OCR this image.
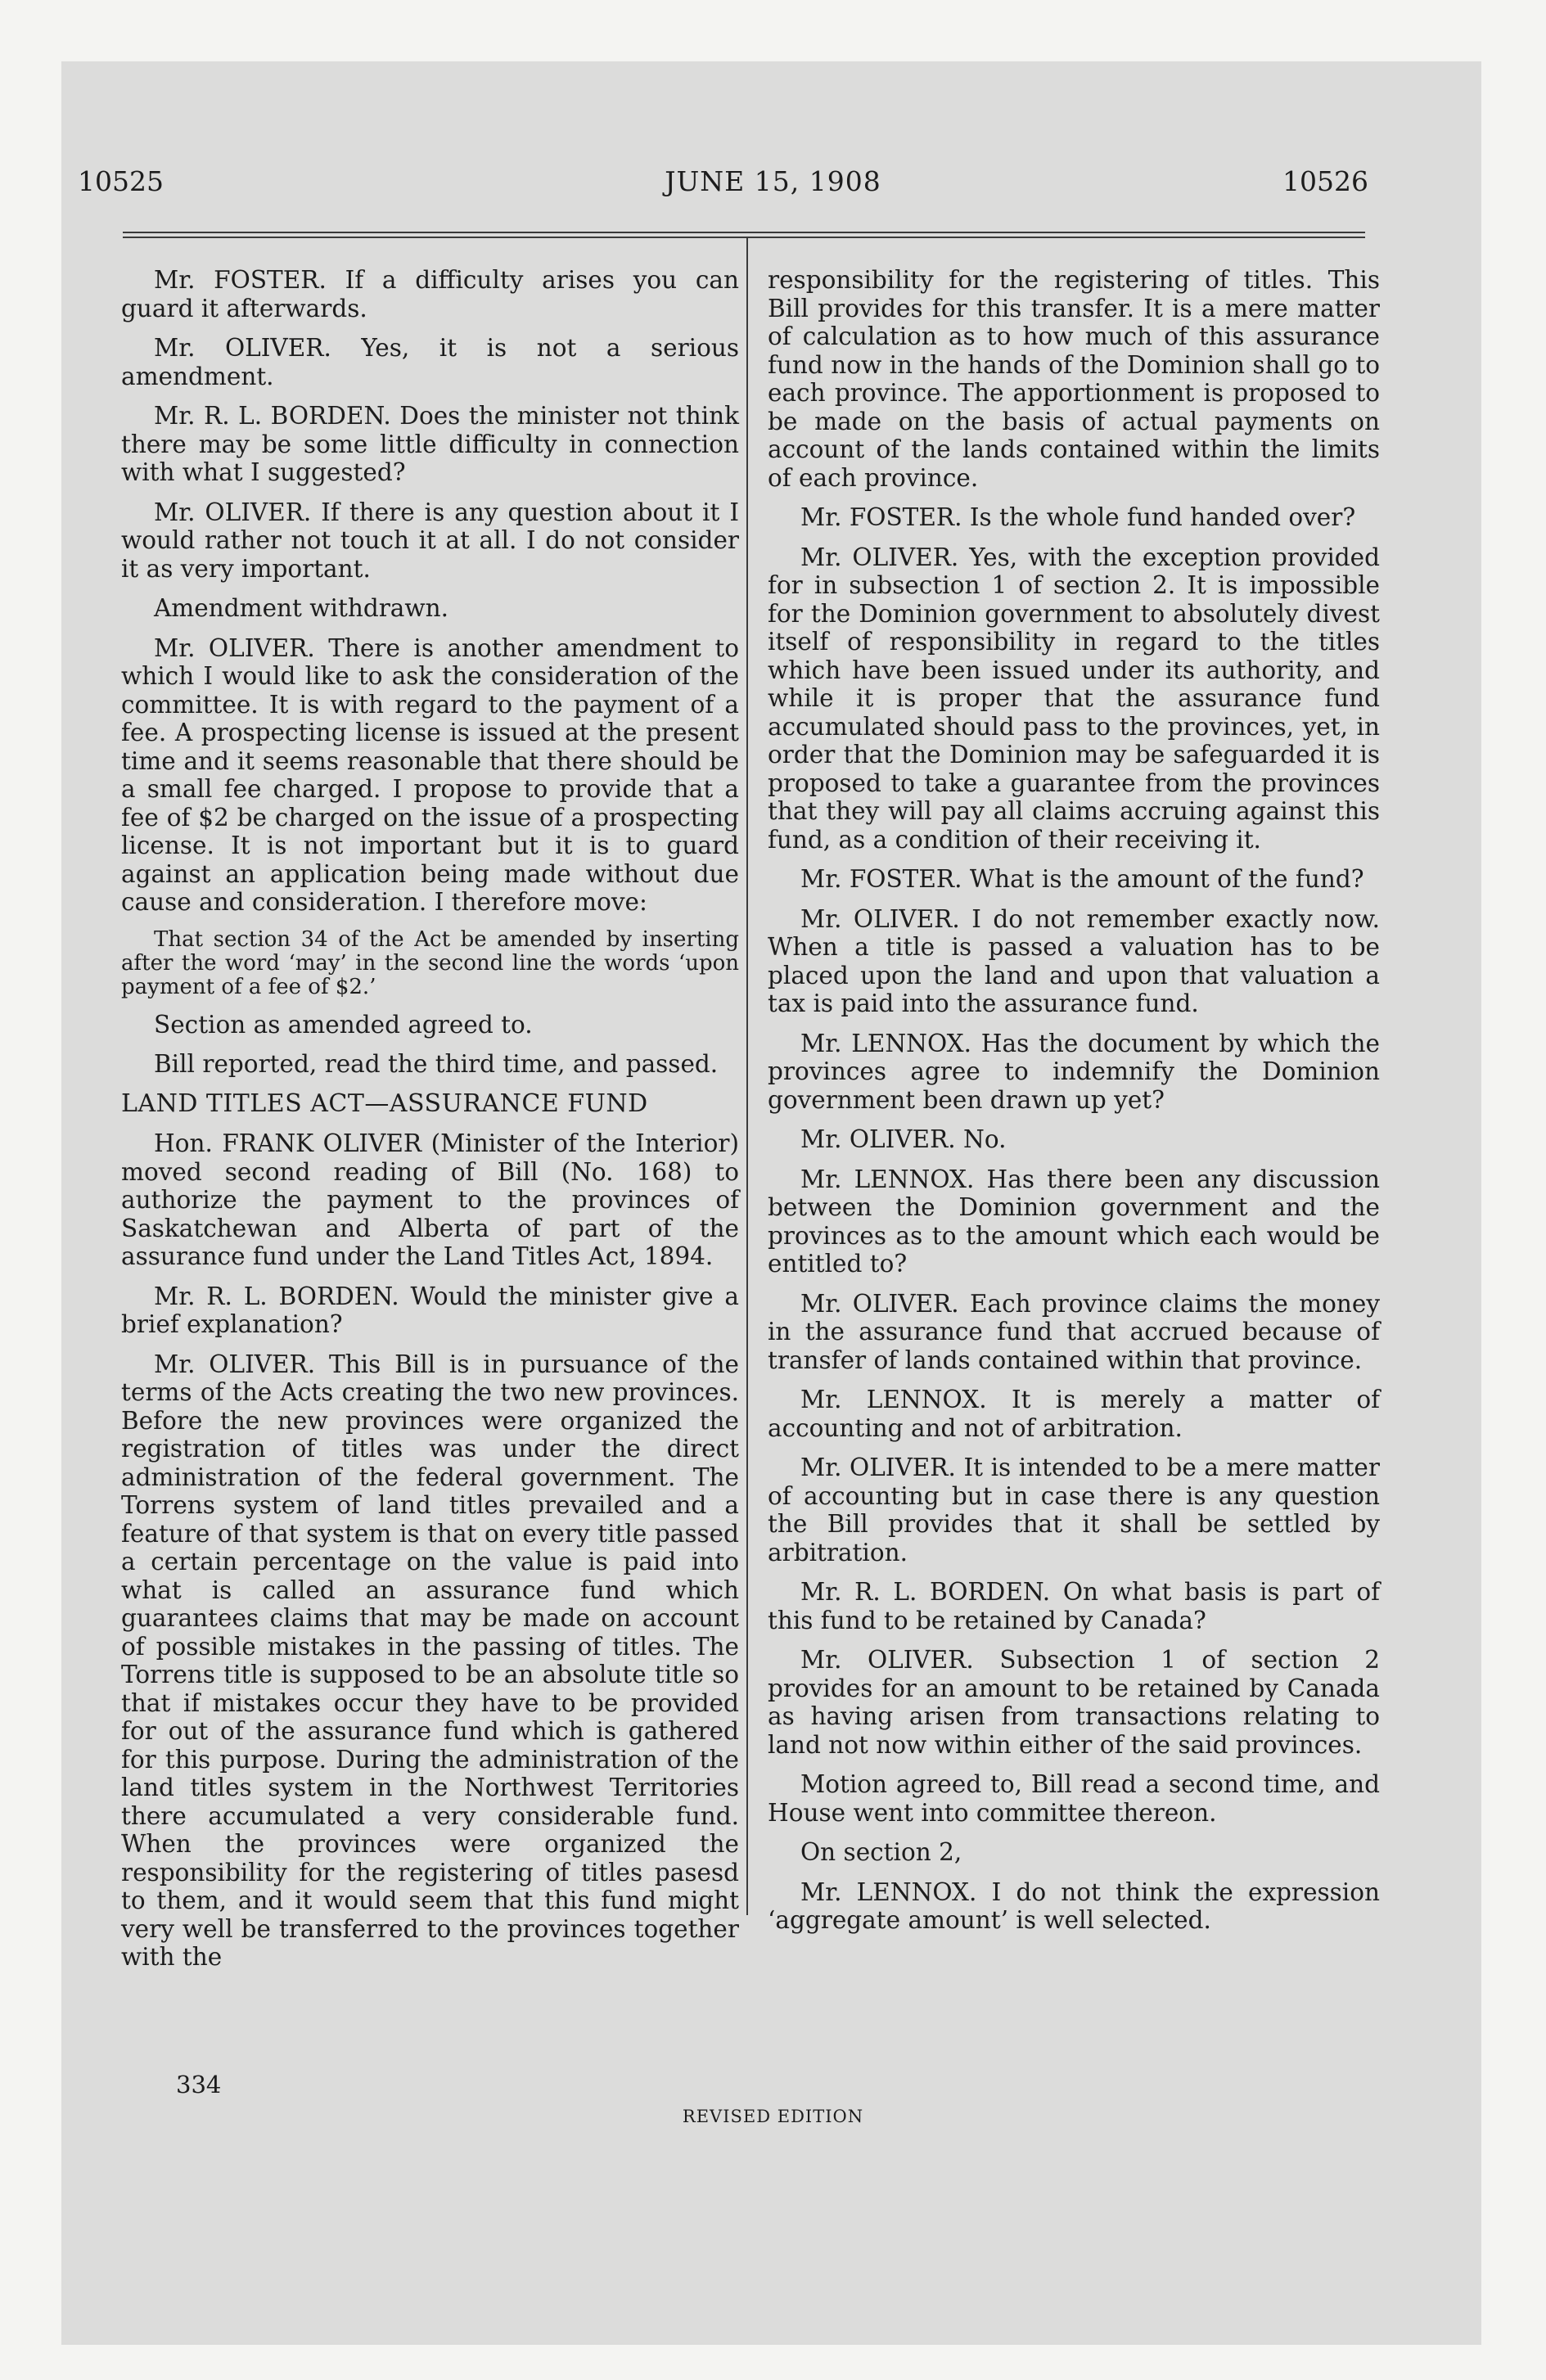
10525	JUNE 15, 1908	10526

Mr. FOSTER. If a difficulty arises you can guard it afterwards.

Mr. OLIVER. Yes, it is not a serious amendment.

Mr. R. L. BORDEN. Does the minister not think there may be some little difficulty in connection with what I suggested?

Mr. OLIVER. If there is any question about it I would rather not touch it at all. I do not consider it as very important.

Amendment withdrawn.

Mr. OLIVER. There is another amendment to which I would like to ask the consideration of the committee. It is with regard to the payment of a fee. A prospecting license is issued at the present time and it seems reasonable that there should be a small fee charged. I propose to provide that a fee of $2 be charged on the issue of a prospecting license. It is not important but it is to guard against an application being made without due cause and consideration. I therefore move:

That section 34 of the Act be amended by inserting after the word ‘may’ in the second line the words ‘upon payment of a fee of $2.’

Section as amended agreed to.

Bill reported, read the third time, and passed.

LAND TITLES ACT—ASSURANCE FUND

Hon. FRANK OLIVER (Minister of the Interior) moved second reading of Bill (No. 168) to authorize the payment to the provinces of Saskatchewan and Alberta of part of the assurance fund under the Land Titles Act, 1894.

Mr. R. L. BORDEN. Would the minister give a brief explanation?

Mr. OLIVER. This Bill is in pursuance of the terms of the Acts creating the two new provinces. Before the new provinces were organized the registration of titles was under the direct administration of the federal government. The Torrens system of land titles prevailed and a feature of that system is that on every title passed a certain percentage on the value is paid into what is called an assurance fund which guarantees claims that may be made on account of possible mistakes in the passing of titles. The Torrens title is supposed to be an absolute title so that if mistakes occur they have to be provided for out of the assurance fund which is gathered for this purpose. During the administration of the land titles system in the Northwest Territories there accumulated a very considerable fund. When the provinces were organized the responsibility for the registering of titles pasesd to them, and it would seem that this fund might very well be transferred to the provinces together with the

responsibility for the registering of titles. This Bill provides for this transfer. It is a mere matter of calculation as to how much of this assurance fund now in the hands of the Dominion shall go to each province. The apportionment is proposed to be made on the basis of actual payments on account of the lands contained within the limits of each province.

Mr. FOSTER. Is the whole fund handed over?

Mr. OLIVER. Yes, with the exception provided for in subsection 1 of section 2. It is impossible for the Dominion government to absolutely divest itself of responsibility in regard to the titles which have been issued under its authority, and while it is proper that the assurance fund accumulated should pass to the provinces, yet, in order that the Dominion may be safeguarded it is proposed to take a guarantee from the provinces that they will pay all claims accruing against this fund, as a condition of their receiving it.

Mr. FOSTER. What is the amount of the fund?

Mr. OLIVER. I do not remember exactly now. When a title is passed a valuation has to be placed upon the land and upon that valuation a tax is paid into the assurance fund.

Mr. LENNOX. Has the document by which the provinces agree to indemnify the Dominion government been drawn up yet?

Mr. OLIVER. No.

Mr. LENNOX. Has there been any discussion between the Dominion government and the provinces as to the amount which each would be entitled to?

Mr. OLIVER. Each province claims the money in the assurance fund that accrued because of transfer of lands contained within that province.

Mr. LENNOX. It is merely a matter of accounting and not of arbitration.

Mr. OLIVER. It is intended to be a mere matter of accounting but in case there is any question the Bill provides that it shall be settled by arbitration.

Mr. R. L. BORDEN. On what basis is part of this fund to be retained by Canada?

Mr. OLIVER. Subsection 1 of section 2 provides for an amount to be retained by Canada as having arisen from transactions relating to land not now within either of the said provinces.

Motion agreed to, Bill read a second time, and House went into committee thereon.

On section 2,

Mr. LENNOX. I do not think the expression ‘aggregate amount’ is well selected.

334
REVISED EDITION
